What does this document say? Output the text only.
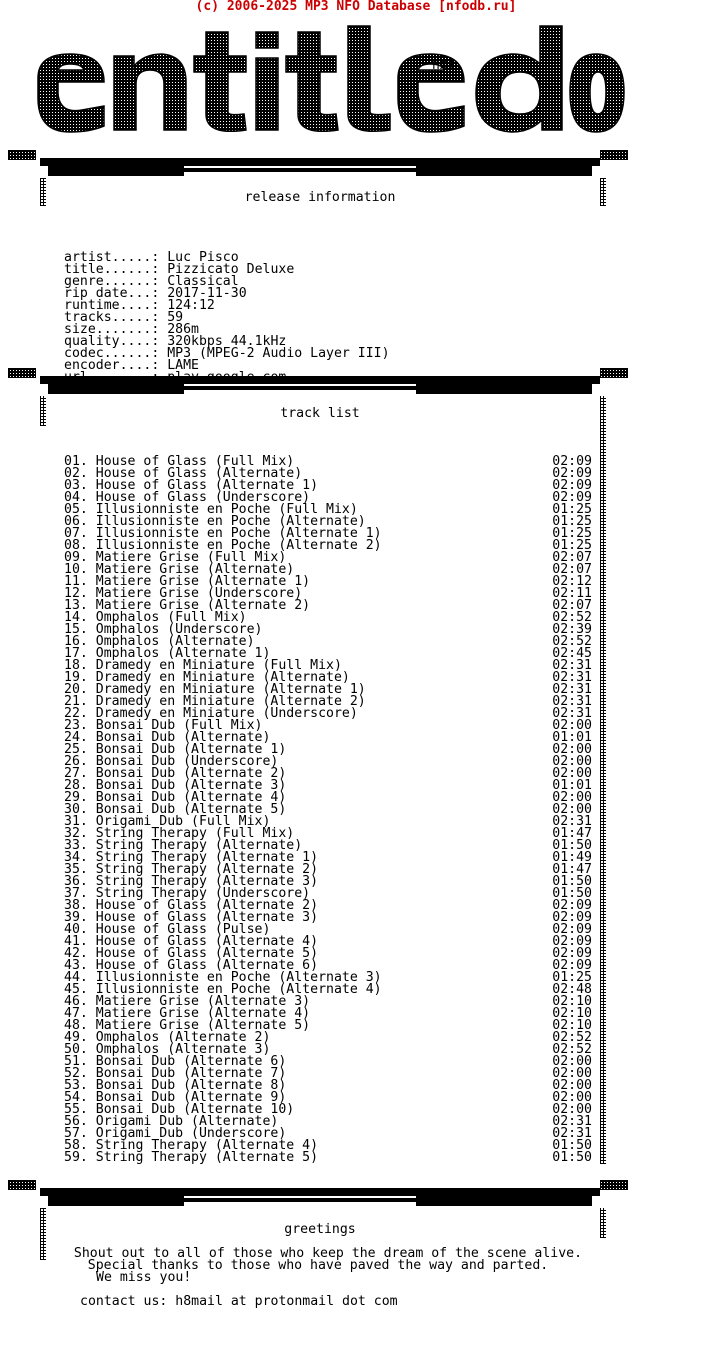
(c) 2006-2025 MP3 NFO Database [nfodb.ru]
hX!
release information

artist.....: Luc Pisco
title......: Pizzicato Deluxe
genre......: Classical
rip date...: 2017-11-30
runtime....: 124:12
tracks.....: 59
size.......: 286m
quality....: 320kbps 44.1kHz
codec......: MP3 (MPEG-2 Audio Layer III)
encoder....: LAME

track list

01. House of Glass (Full Mix)	02:09
02. House of Glass (Alternate)	02:09
03. House of Glass (Alternate 1)	02:09
04. House of Glass (Underscore)	02:09
05. Illusionniste en Poche (Full Mix)	01:25
06. Illusionniste en Poche (Alternate)	01:25
07. Illusionniste en Poche (Alternate 1)	01:25
08. Illusionniste en Poche (Alternate 2)	01:25
09. Matiere Grise (Full Mix)	02:07
10. Matiere Grise (Alternate)	02:07
11. Matiere Grise (Alternate 1)	02:12
12. Matiere Grise (Underscore)	02:11
13. Matiere Grise (Alternate 2)	02:07
14. Omphalos (Full Mix)	02:52
15. Omphalos (Underscore)	02:39
16. Omphalos (Alternate)	02:52
17. Omphalos (Alternate 1)	02:45
18. Dramedy en Miniature (Full Mix)	02:31
19. Dramedy en Miniature (Alternate)	02:31
20. Dramedy en Miniature (Alternate 1)	02:31
21. Dramedy en Miniature (Alternate 2)	02:31
22. Dramedy en Miniature (Underscore)	02:31
23. Bonsai Dub (Full Mix)	02:00
24. Bonsai Dub (Alternate)	01:01
25. Bonsai Dub (Alternate 1)	02:00
26. Bonsai Dub (Underscore)	02:00
27. Bonsai Dub (Alternate 2)	02:00
28. Bonsai Dub (Alternate 3)	01:01
29. Bonsai Dub (Alternate 4)	02:00
30. Bonsai Dub (Alternate 5)	02:00
31. Origami Dub (Full Mix)	02:31
32. String Therapy (Full Mix)	01:47
33. String Therapy (Alternate)	01:50
34. String Therapy (Alternate 1)	01:49
35. String Therapy (Alternate 2)	01:47
36. String Therapy (Alternate 3)	01:50
37. String Therapy (Underscore)	01:50
38. House of Glass (Alternate 2)	02:09
39. House of Glass (Alternate 3)	02:09
40. House of Glass (Pulse)	02:09
41. House of Glass (Alternate 4)	02:09
42. House of Glass (Alternate 5)	02:09
43. House of Glass (Alternate 6)	02:09
44. Illusionniste en Poche (Alternate 3)	01:25
45. Illusionniste en Poche (Alternate 4)	02:48
46. Matiere Grise (Alternate 3)	02:10
47. Matiere Grise (Alternate 4)	02:10
48. Matiere Grise (Alternate 5)	02:10
49. Omphalos (Alternate 2)	02:52
50. Omphalos (Alternate 3)	02:52
51. Bonsai Dub (Alternate 6)	02:00
52. Bonsai Dub (Alternate 7)	02:00
53. Bonsai Dub (Alternate 8)	02:00
54. Bonsai Dub (Alternate 9)	02:00
55. Bonsai Dub (Alternate 10)	02:00
56. Origami Dub (Alternate)	02:31
57. Origami Dub (Underscore)	02:31
58. String Therapy (Alternate 4)	01:50
59. String Therapy (Alternate 5)	01:50

greetings
Shout out to all of those who keep the dream of the scene alive.
Special thanks to those who have paved the way and parted.
We miss you!
contact us: h8mail at protonmail dot com
